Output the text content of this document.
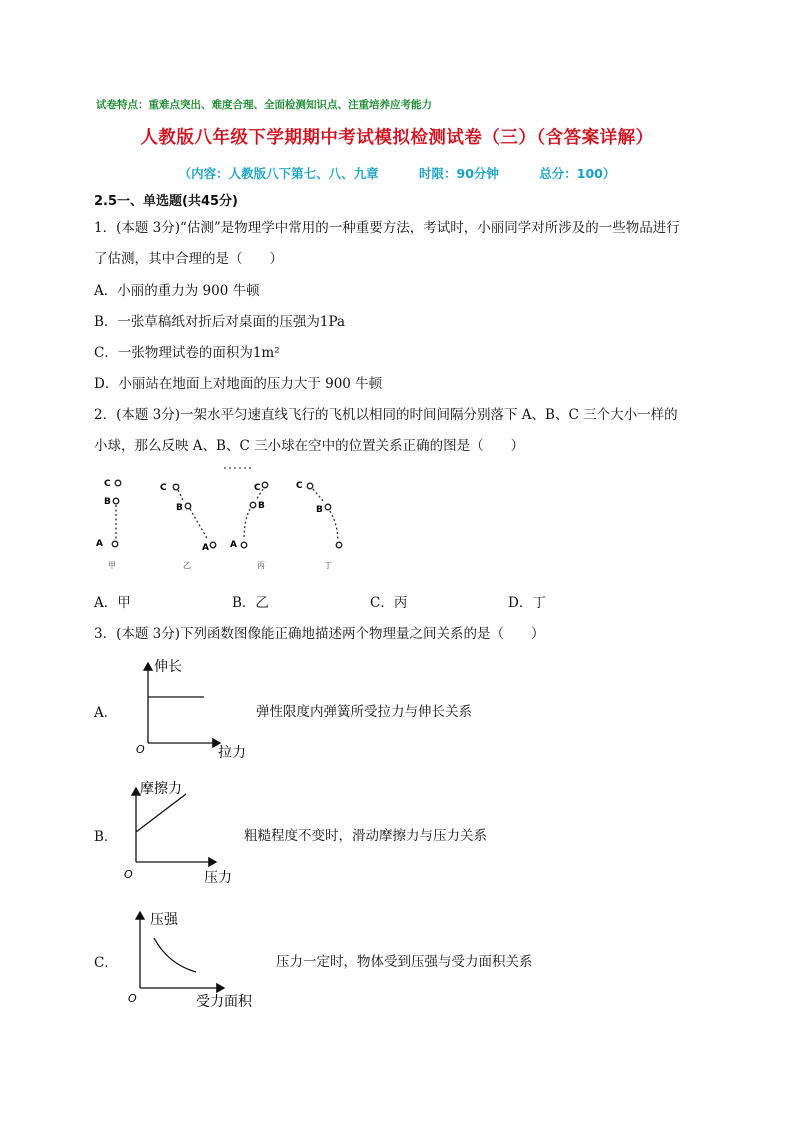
试卷特点：重难点突出、难度合理、全面检测知识点、注重培养应考能力
人教版八年级下学期期中考试模拟检测试卷（三）（含答案详解）
（内容：人教版八下第七、八、九章	时限：90分钟	总分：100）
2.5一、单选题(共45分)
1．(本题 3分)“估测”是物理学中常用的一种重要方法，考试时，小丽同学对所涉及的一些物品进行
了估测，其中合理的是（　　）
A．小丽的重力为 900 牛顿
B．一张草稿纸对折后对桌面的压强为1Pa
C．一张物理试卷的面积为1m²
D．小丽站在地面上对地面的压力大于 900 牛顿
2．(本题 3分)一架水平匀速直线飞行的飞机以相同的时间间隔分别落下 A、B、C 三个大小一样的
小球，那么反映 A、B、C 三小球在空中的位置关系正确的图是（　　）
C
B
A
甲
C
B
A
乙
C
B
A
丙
C
B
丁
A．甲	B．乙	C．丙	D．丁
3．(本题 3分)下列函数图像能正确地描述两个物理量之间关系的是（　　）
A．
伸长
O	拉力
弹性限度内弹簧所受拉力与伸长关系
B．
摩擦力
O	压力
粗糙程度不变时，滑动摩擦力与压力关系
C．
压强
O	受力面积
压力一定时，物体受到压强与受力面积关系
